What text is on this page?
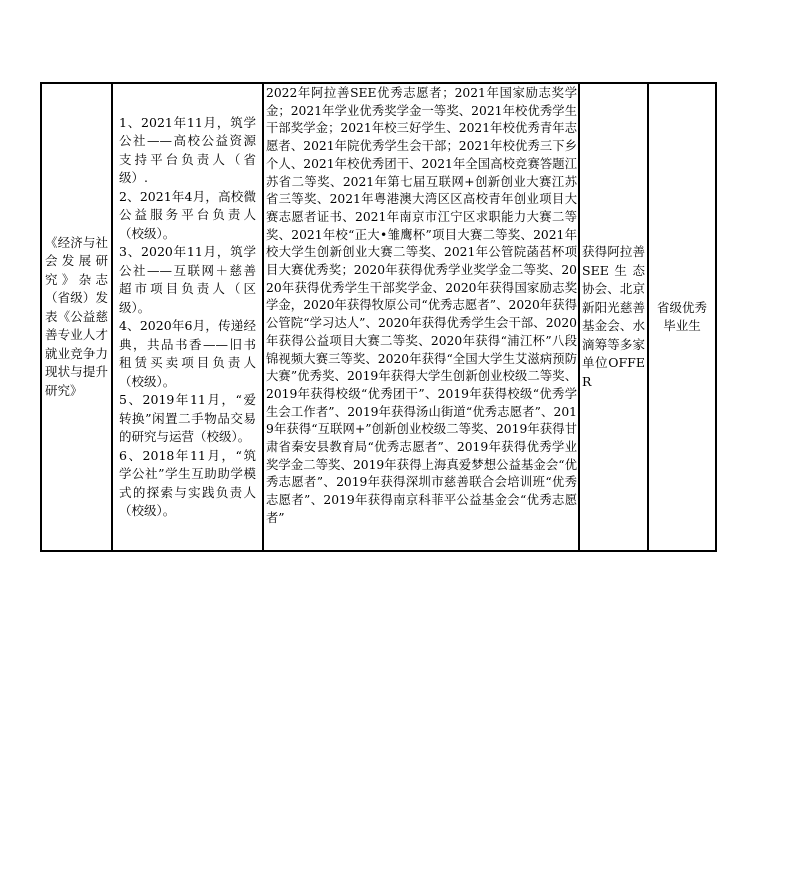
《经济与社会发展研究》杂志（省级）发表《公益慈善专业人才就业竞争力现状与提升研究》
1、2021年11月，筑学公社——高校公益资源支持平台负责人（省级）.
2、2021年4月，高校微公益服务平台负责人（校级）。
3、2020年11月，筑学公社——互联网＋慈善超市项目负责人（区级）。
4、2020年6月，传递经典，共品书香——旧书租赁买卖项目负责人（校级）。
5、2019年11月，“爱转换”闲置二手物品交易的研究与运营（校级）。
6、2018年11月，“筑学公社”学生互助助学模式的探索与实践负责人（校级）。
2022年阿拉善SEE优秀志愿者；2021年国家励志奖学金；2021年学业优秀奖学金一等奖、2021年校优秀学生干部奖学金；2021年校三好学生、2021年校优秀青年志愿者、2021年院优秀学生会干部；2021年校优秀三下乡个人、2021年校优秀团干、2021年全国高校竞赛答题江苏省二等奖、2021年第七届互联网+创新创业大赛江苏省三等奖、2021年粤港澳大湾区区高校青年创业项目大赛志愿者证书、2021年南京市江宁区求职能力大赛二等奖、2021年校“正大•雏鹰杯”项目大赛二等奖、2021年校大学生创新创业大赛二等奖、2021年公管院菡萏杯项目大赛优秀奖；2020年获得优秀学业奖学金二等奖、2020年获得优秀学生干部奖学金、2020年获得国家励志奖学金，2020年获得牧原公司“优秀志愿者”、2020年获得公管院“学习达人”、2020年获得优秀学生会干部、2020年获得公益项目大赛二等奖、2020年获得“浦江杯”八段锦视频大赛三等奖、2020年获得“全国大学生艾滋病预防大赛”优秀奖、2019年获得大学生创新创业校级二等奖、2019年获得校级“优秀团干”、2019年获得校级“优秀学生会工作者”、2019年获得汤山街道“优秀志愿者”、2019年获得“互联网+”创新创业校级二等奖、2019年获得甘肃省秦安县教育局“优秀志愿者”、2019年获得优秀学业奖学金二等奖、2019年获得上海真爱梦想公益基金会“优秀志愿者”、2019年获得深圳市慈善联合会培训班“优秀志愿者”、2019年获得南京科菲平公益基金会“优秀志愿者”
获得阿拉善SEE生态协会、北京新阳光慈善基金会、水滴筹等多家单位OFFER
省级优秀毕业生
